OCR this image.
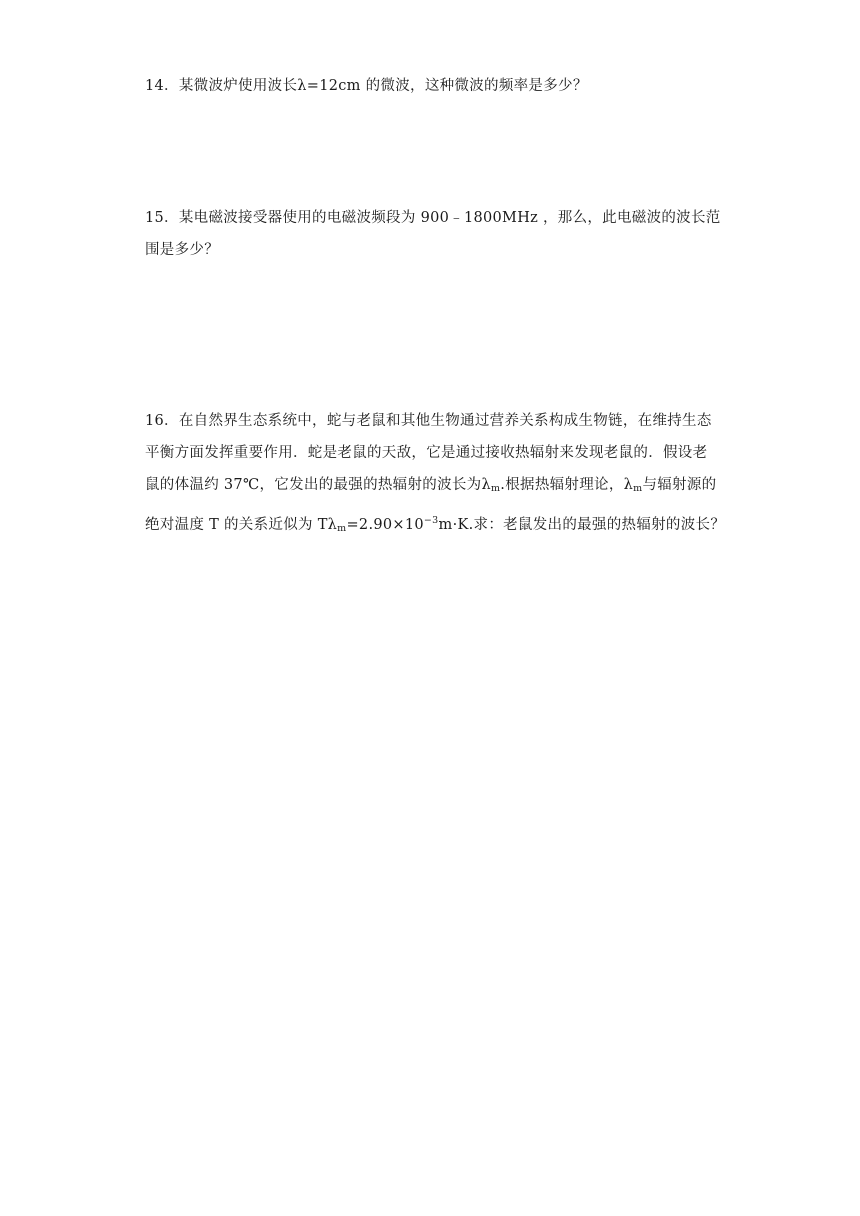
14．某微波炉使用波长λ=12cm 的微波，这种微波的频率是多少？

15．某电磁波接受器使用的电磁波频段为 900﹣1800MHz ，那么，此电磁波的波长范
围是多少？

16．在自然界生态系统中，蛇与老鼠和其他生物通过营养关系构成生物链，在维持生态
平衡方面发挥重要作用．蛇是老鼠的天敌，它是通过接收热辐射来发现老鼠的．假设老
鼠的体温约 37℃，它发出的最强的热辐射的波长为$\lambda_m$.根据热辐射理论，$\lambda_m$与辐射源的
绝对温度 T 的关系近似为 $T\lambda_m=2.90\times 10^{-3}m\cdot K$.求：老鼠发出的最强的热辐射的波长？
